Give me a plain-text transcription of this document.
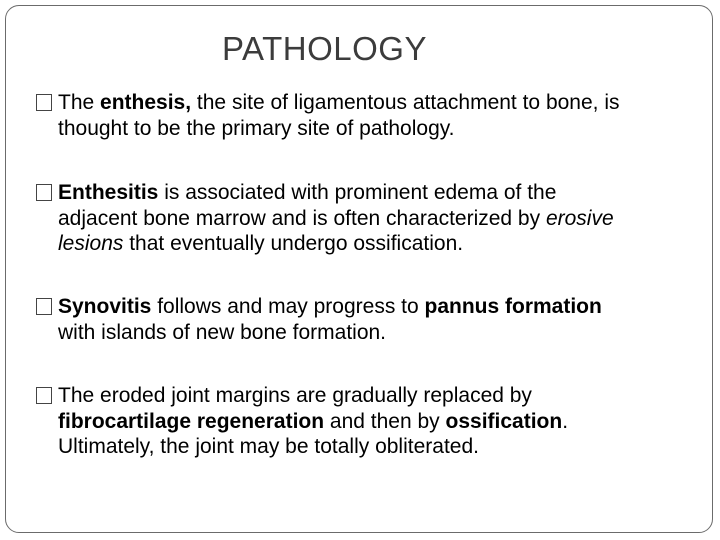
PATHOLOGY
The enthesis, the site of ligamentous attachment to bone, is
thought to be the primary site of pathology.
Enthesitis is associated with prominent edema of the
adjacent bone marrow and is often characterized by erosive
lesions that eventually undergo ossification.
Synovitis follows and may progress to pannus formation
with islands of new bone formation.
The eroded joint margins are gradually replaced by
fibrocartilage regeneration and then by ossification.
Ultimately, the joint may be totally obliterated.
